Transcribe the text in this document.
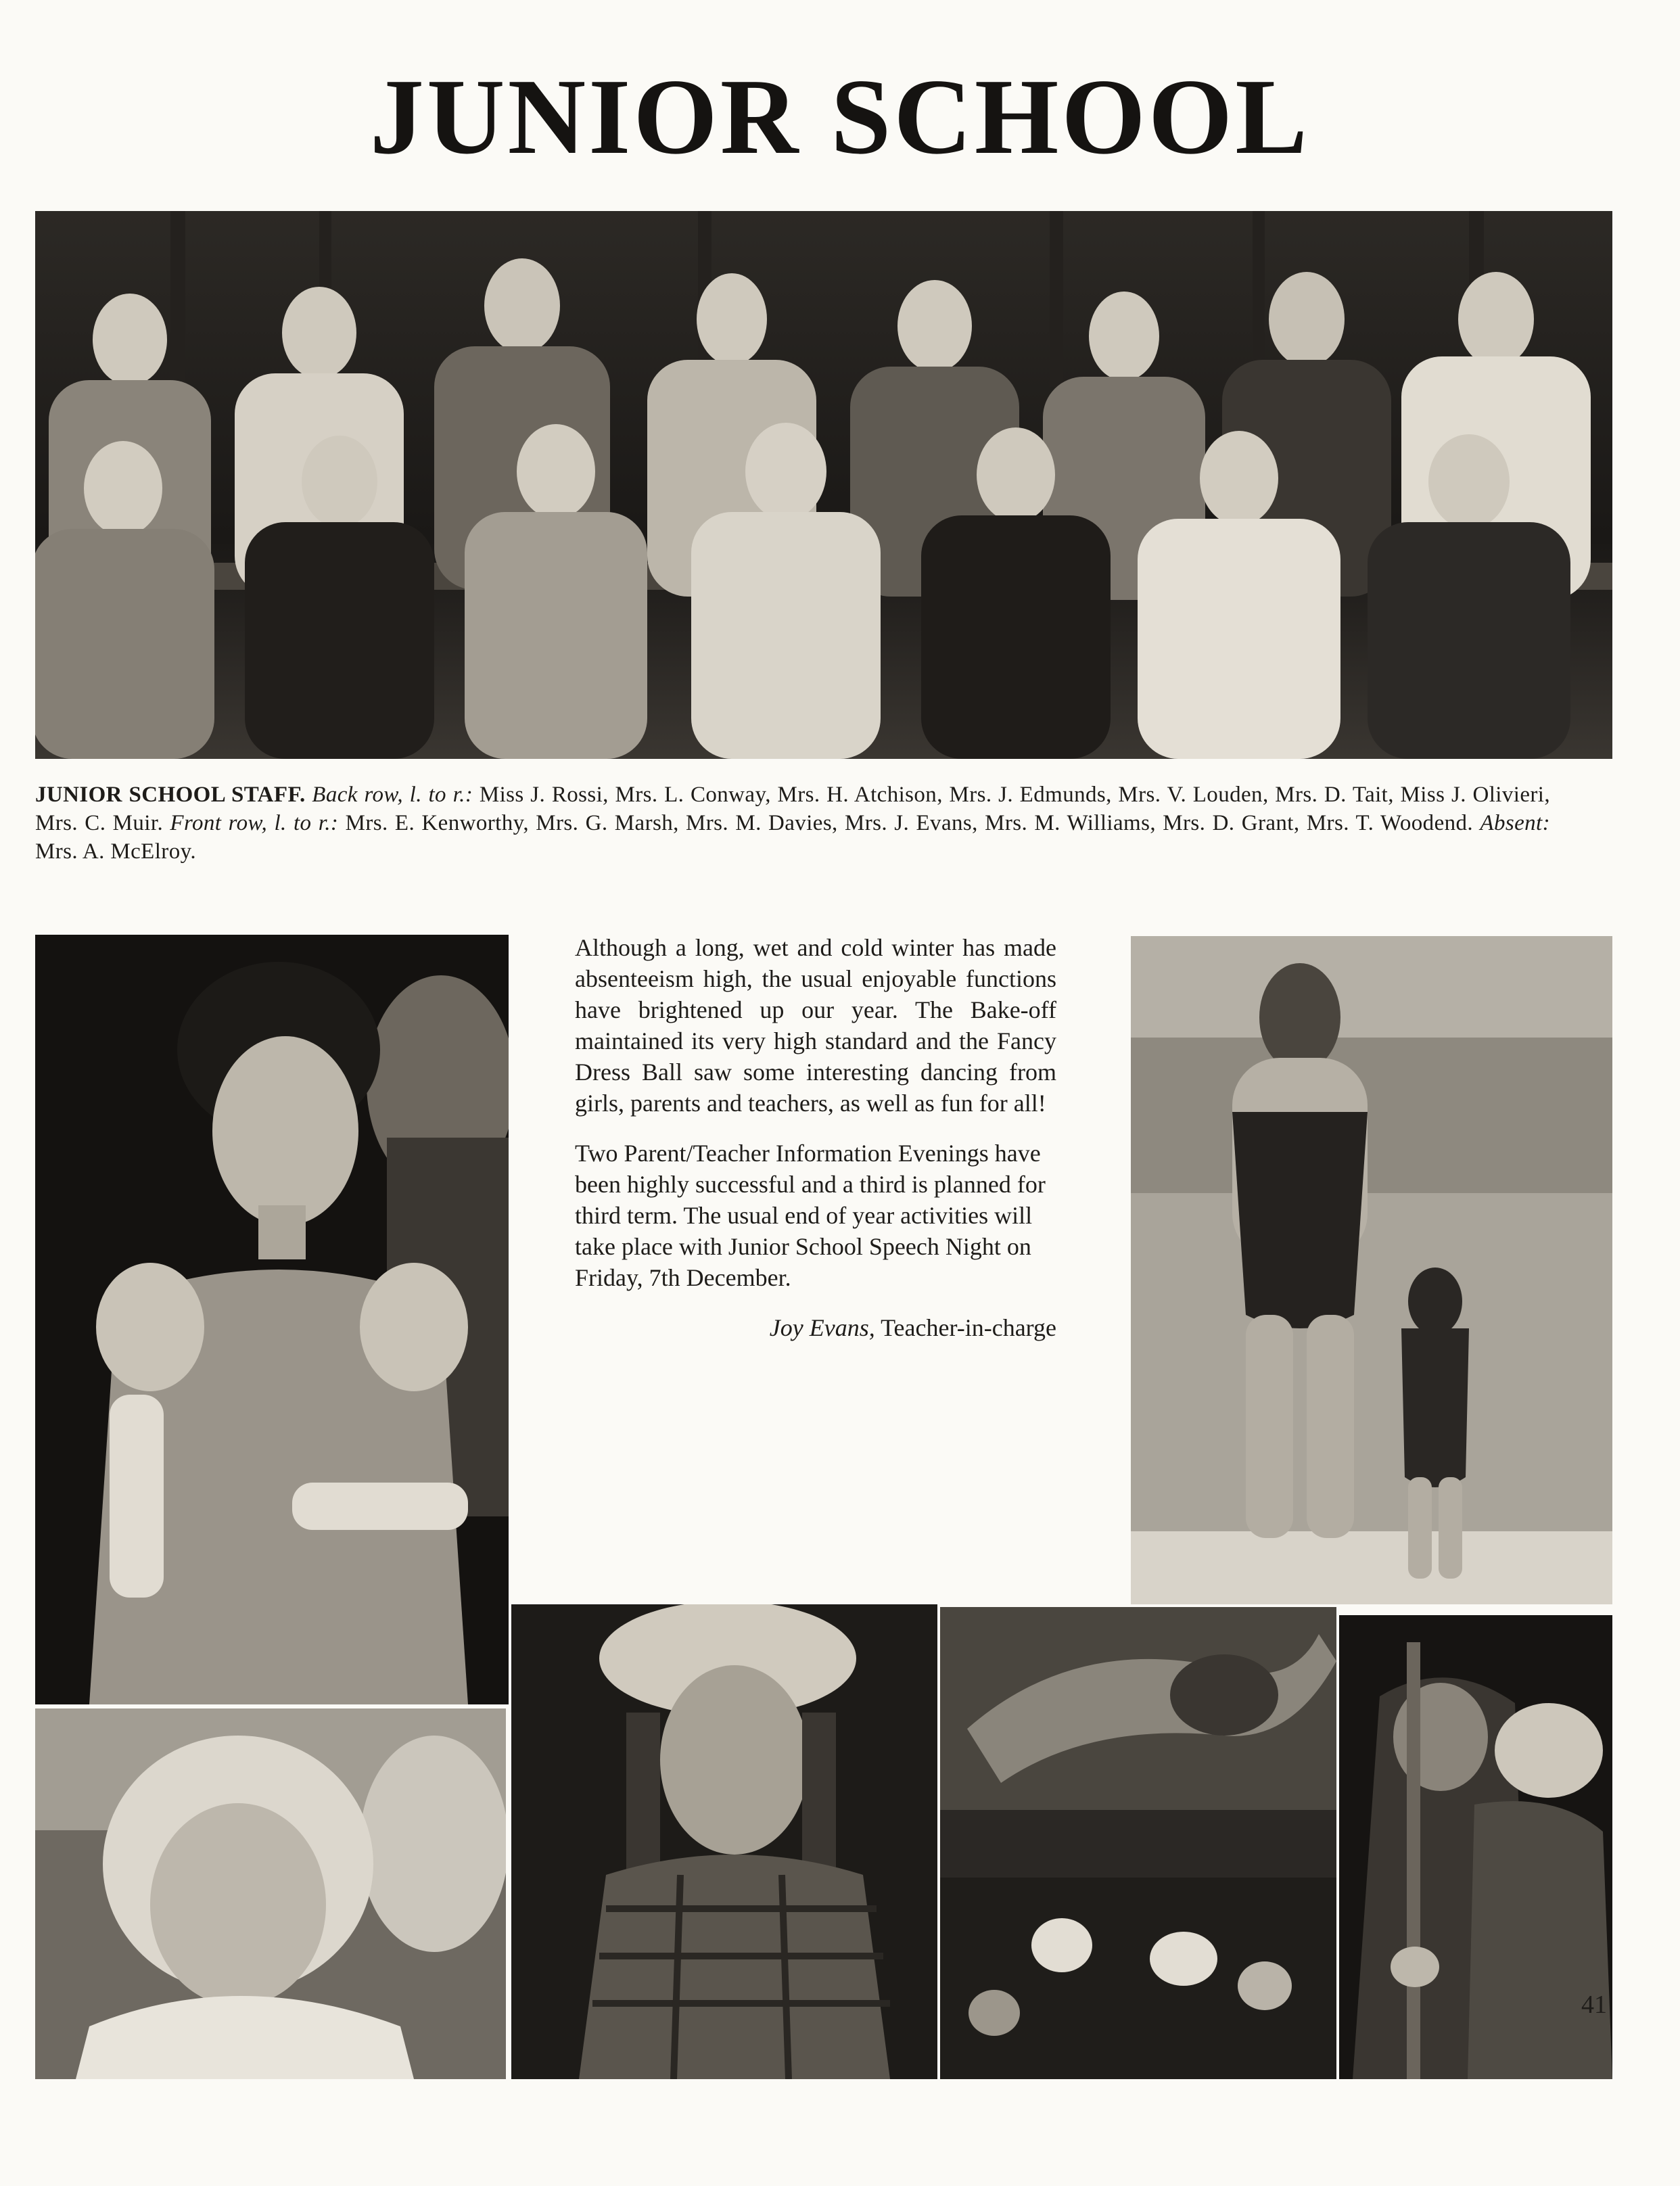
JUNIOR SCHOOL

JUNIOR SCHOOL STAFF. Back row, l. to r.: Miss J. Rossi, Mrs. L. Conway, Mrs. H. Atchison, Mrs. J. Edmunds, Mrs. V. Louden, Mrs. D. Tait, Miss J. Olivieri, Mrs. C. Muir. Front row, l. to r.: Mrs. E. Kenworthy, Mrs. G. Marsh, Mrs. M. Davies, Mrs. J. Evans, Mrs. M. Williams, Mrs. D. Grant, Mrs. T. Woodend. Absent: Mrs. A. McElroy.

Although a long, wet and cold winter has made absenteeism high, the usual enjoyable functions have brightened up our year. The Bake-off maintained its very high standard and the Fancy Dress Ball saw some interesting dancing from girls, parents and teachers, as well as fun for all!

Two Parent/Teacher Information Evenings have been highly successful and a third is planned for third term. The usual end of year activities will take place with Junior School Speech Night on Friday, 7th December.

Joy Evans, Teacher-in-charge

41
